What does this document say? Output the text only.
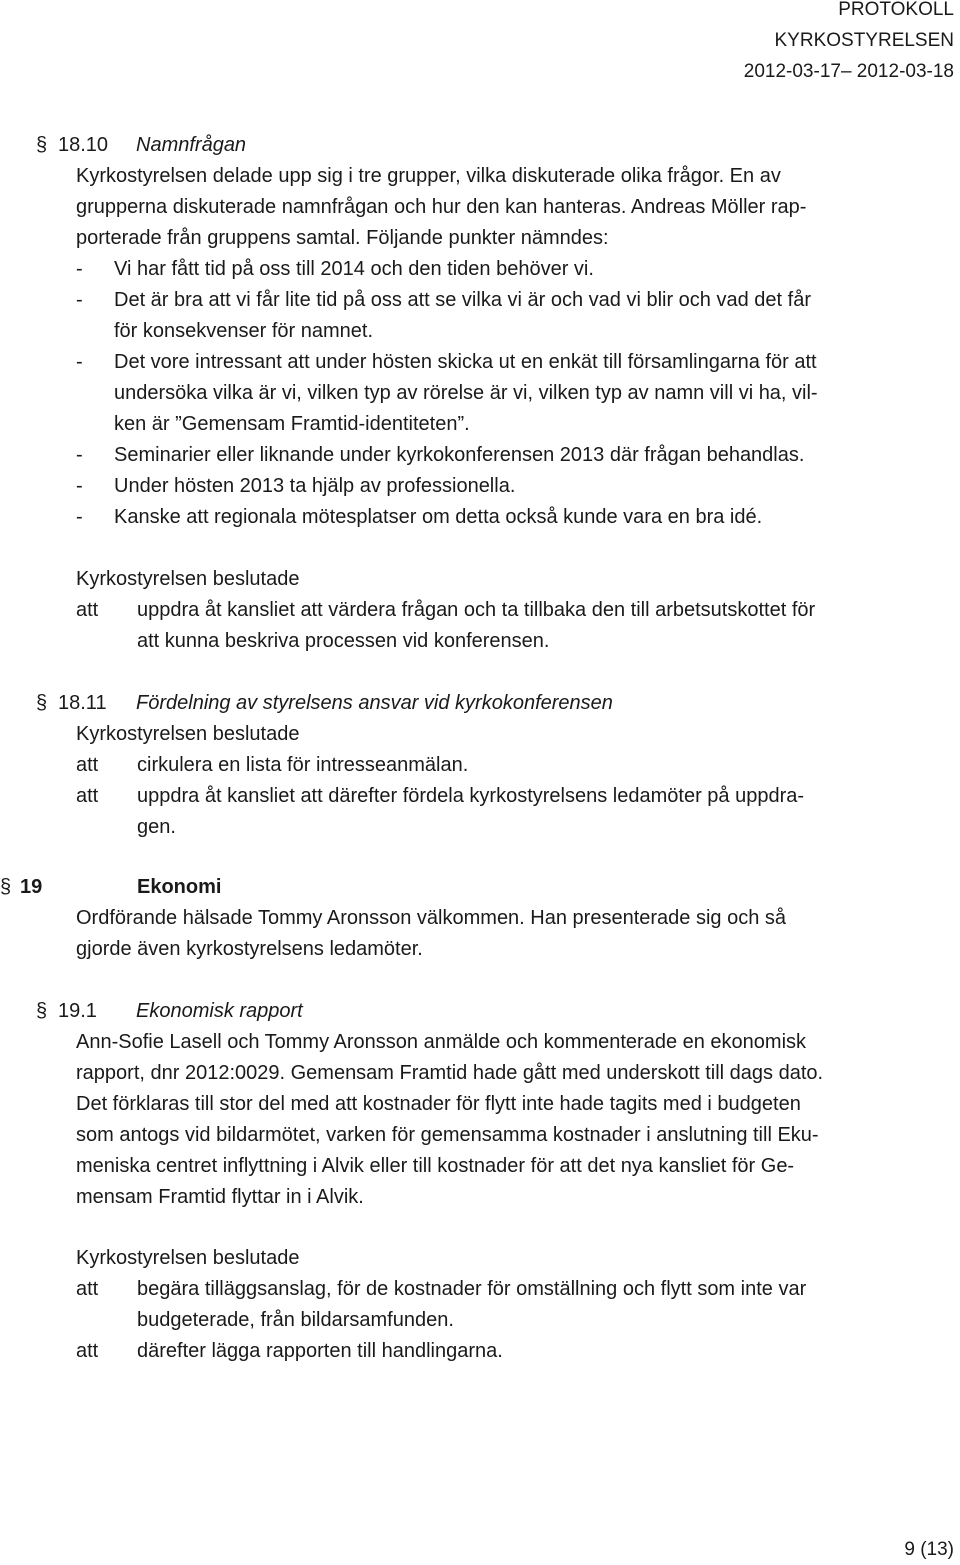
PROTOKOLL
KYRKOSTYRELSEN
2012-03-17– 2012-03-18
§ 18.10 Namnfrågan
Kyrkostyrelsen delade upp sig i tre grupper, vilka diskuterade olika frågor. En av
grupperna diskuterade namnfrågan och hur den kan hanteras. Andreas Möller rap-
porterade från gruppens samtal. Följande punkter nämndes:
- Vi har fått tid på oss till 2014 och den tiden behöver vi.
- Det är bra att vi får lite tid på oss att se vilka vi är och vad vi blir och vad det får
för konsekvenser för namnet.
- Det vore intressant att under hösten skicka ut en enkät till församlingarna för att
undersöka vilka är vi, vilken typ av rörelse är vi, vilken typ av namn vill vi ha, vil-
ken är ”Gemensam Framtid-identiteten”.
- Seminarier eller liknande under kyrkokonferensen 2013 där frågan behandlas.
- Under hösten 2013 ta hjälp av professionella.
- Kanske att regionala mötesplatser om detta också kunde vara en bra idé.
Kyrkostyrelsen beslutade
att uppdra åt kansliet att värdera frågan och ta tillbaka den till arbetsutskottet för
att kunna beskriva processen vid konferensen.
§ 18.11 Fördelning av styrelsens ansvar vid kyrkokonferensen
Kyrkostyrelsen beslutade
att cirkulera en lista för intresseanmälan.
att uppdra åt kansliet att därefter fördela kyrkostyrelsens ledamöter på uppdra-
gen.
§ 19	Ekonomi
Ordförande hälsade Tommy Aronsson välkommen. Han presenterade sig och så
gjorde även kyrkostyrelsens ledamöter.
§ 19.1 Ekonomisk rapport
Ann-Sofie Lasell och Tommy Aronsson anmälde och kommenterade en ekonomisk
rapport, dnr 2012:0029. Gemensam Framtid hade gått med underskott till dags dato.
Det förklaras till stor del med att kostnader för flytt inte hade tagits med i budgeten
som antogs vid bildarmötet, varken för gemensamma kostnader i anslutning till Eku-
meniska centret inflyttning i Alvik eller till kostnader för att det nya kansliet för Ge-
mensam Framtid flyttar in i Alvik.
Kyrkostyrelsen beslutade
att begära tilläggsanslag, för de kostnader för omställning och flytt som inte var
budgeterade, från bildarsamfunden.
att därefter lägga rapporten till handlingarna.
9 (13)
